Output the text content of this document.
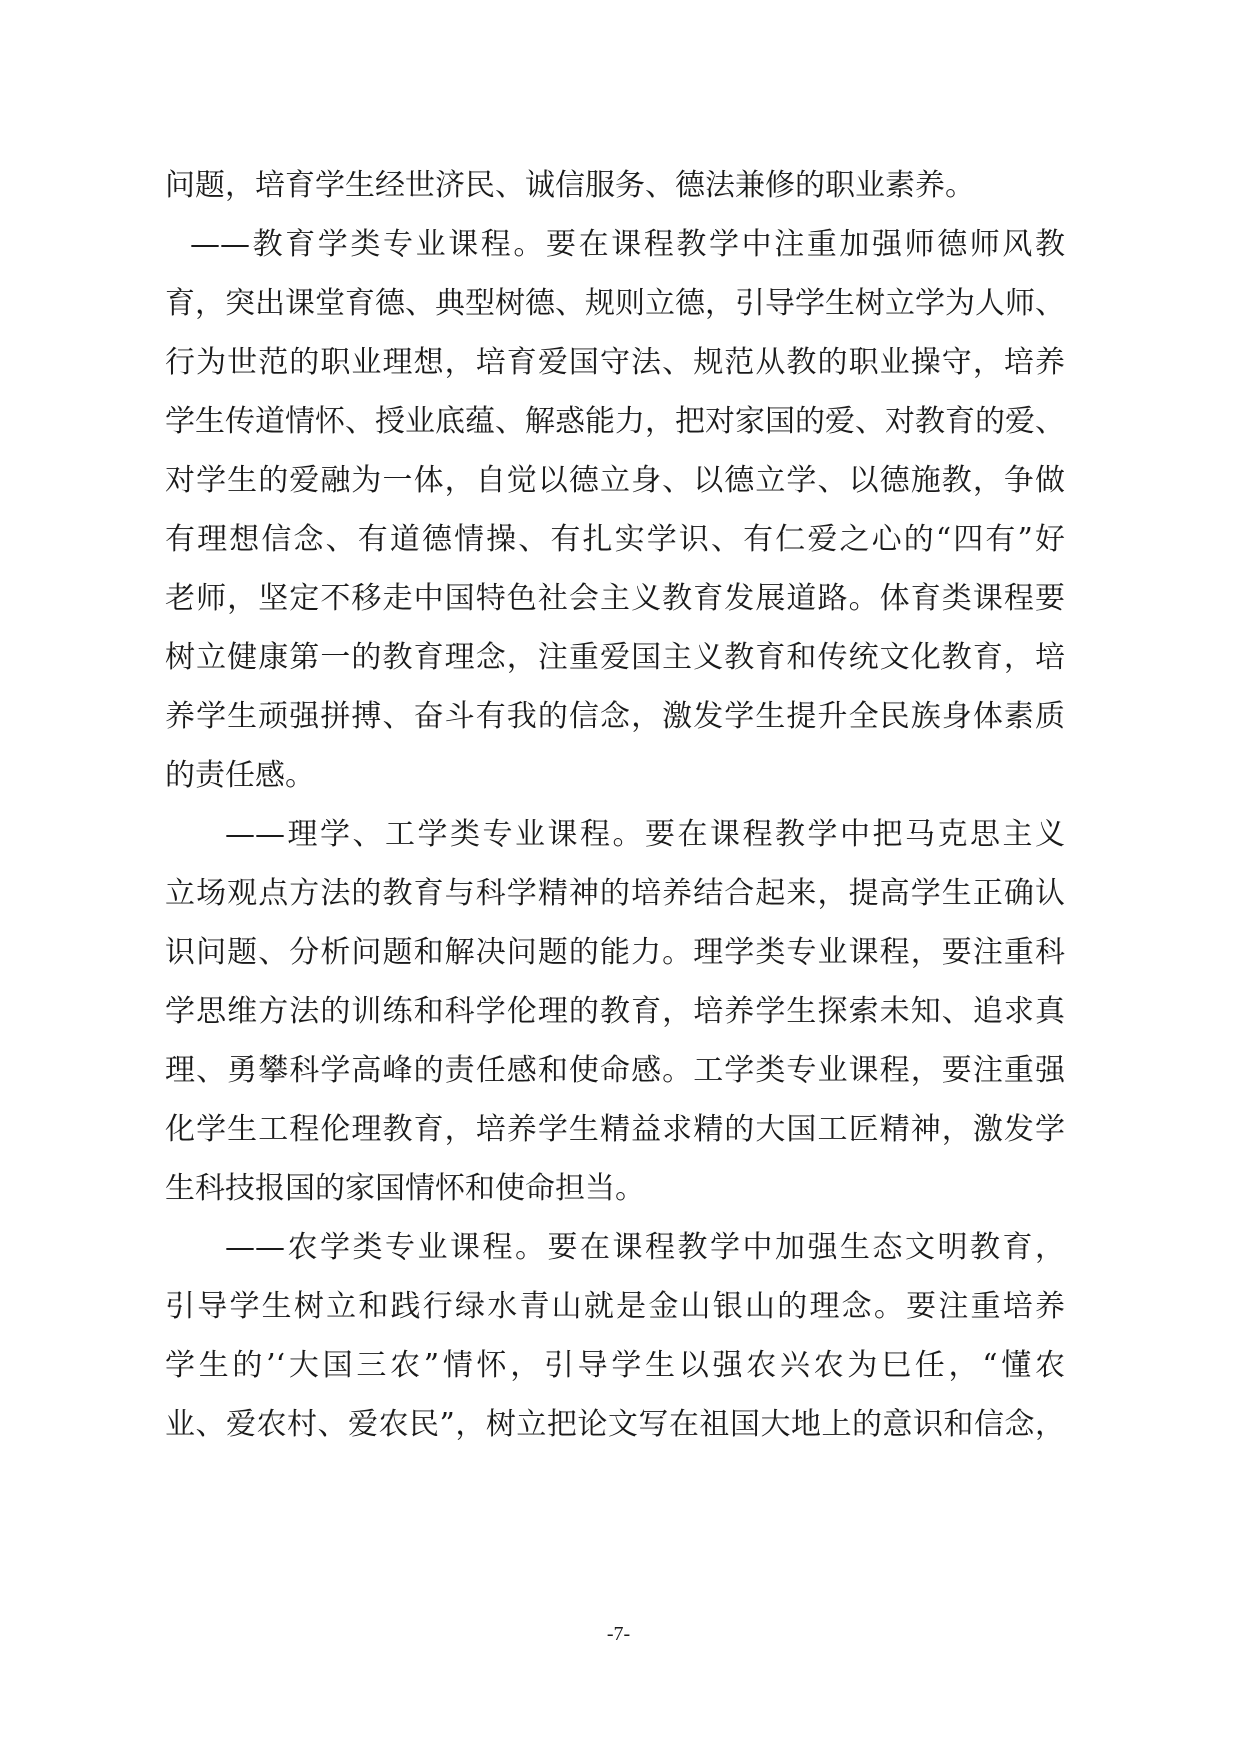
问题，培育学生经世济民、诚信服务、德法兼修的职业素养。
——教育学类专业课程。要在课程教学中注重加强师德师风教
育，突出课堂育德、典型树德、规则立德，引导学生树立学为人师、
行为世范的职业理想，培育爱国守法、规范从教的职业操守，培养
学生传道情怀、授业底蕴、解惑能力，把对家国的爱、对教育的爱、
对学生的爱融为一体，自觉以德立身、以德立学、以德施教，争做
有理想信念、有道德情操、有扎实学识、有仁爱之心的“四有”好
老师，坚定不移走中国特色社会主义教育发展道路。体育类课程要
树立健康第一的教育理念，注重爱国主义教育和传统文化教育，培
养学生顽强拼搏、奋斗有我的信念，激发学生提升全民族身体素质
的责任感。
——理学、工学类专业课程。要在课程教学中把马克思主义
立场观点方法的教育与科学精神的培养结合起来，提高学生正确认
识问题、分析问题和解决问题的能力。理学类专业课程，要注重科
学思维方法的训练和科学伦理的教育，培养学生探索未知、追求真
理、勇攀科学高峰的责任感和使命感。工学类专业课程，要注重强
化学生工程伦理教育，培养学生精益求精的大国工匠精神，激发学
生科技报国的家国情怀和使命担当。
——农学类专业课程。要在课程教学中加强生态文明教育，
引导学生树立和践行绿水青山就是金山银山的理念。要注重培养
学生的’‘大国三农”情怀，引导学生以强农兴农为巳任，“懂农
业、爱农村、爱农民”，树立把论文写在祖国大地上的意识和信念，
-7-
